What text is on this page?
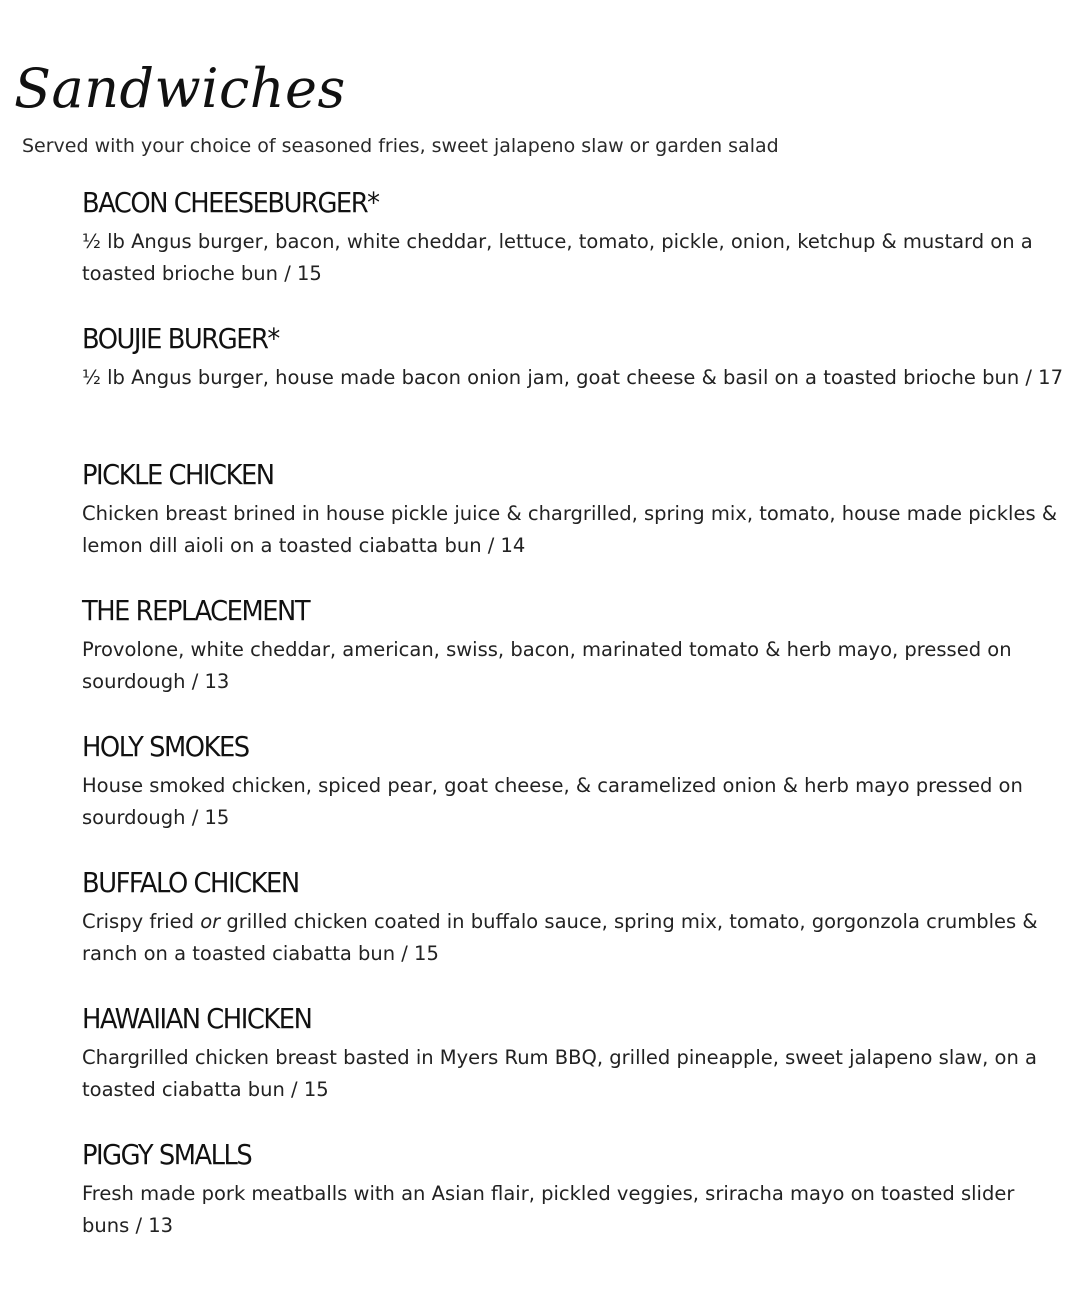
Sandwiches
Served with your choice of seasoned fries, sweet jalapeno slaw or garden salad
BACON CHEESEBURGER*
½ lb Angus burger, bacon, white cheddar, lettuce, tomato, pickle, onion, ketchup & mustard on a toasted brioche bun / 15
BOUJIE BURGER*
½ lb Angus burger, house made bacon onion jam, goat cheese & basil on a toasted brioche bun / 17
PICKLE CHICKEN
Chicken breast brined in house pickle juice & chargrilled, spring mix, tomato, house made pickles & lemon dill aioli on a toasted ciabatta bun / 14
THE REPLACEMENT
Provolone, white cheddar, american, swiss, bacon, marinated tomato & herb mayo, pressed on sourdough / 13
HOLY SMOKES
House smoked chicken, spiced pear, goat cheese, & caramelized onion & herb mayo pressed on sourdough / 15
BUFFALO CHICKEN
Crispy fried or grilled chicken coated in buffalo sauce, spring mix, tomato, gorgonzola crumbles & ranch on a toasted ciabatta bun / 15
HAWAIIAN CHICKEN
Chargrilled chicken breast basted in Myers Rum BBQ, grilled pineapple, sweet jalapeno slaw, on a toasted ciabatta bun / 15
PIGGY SMALLS
Fresh made pork meatballs with an Asian flair, pickled veggies, sriracha mayo on toasted slider buns / 13
